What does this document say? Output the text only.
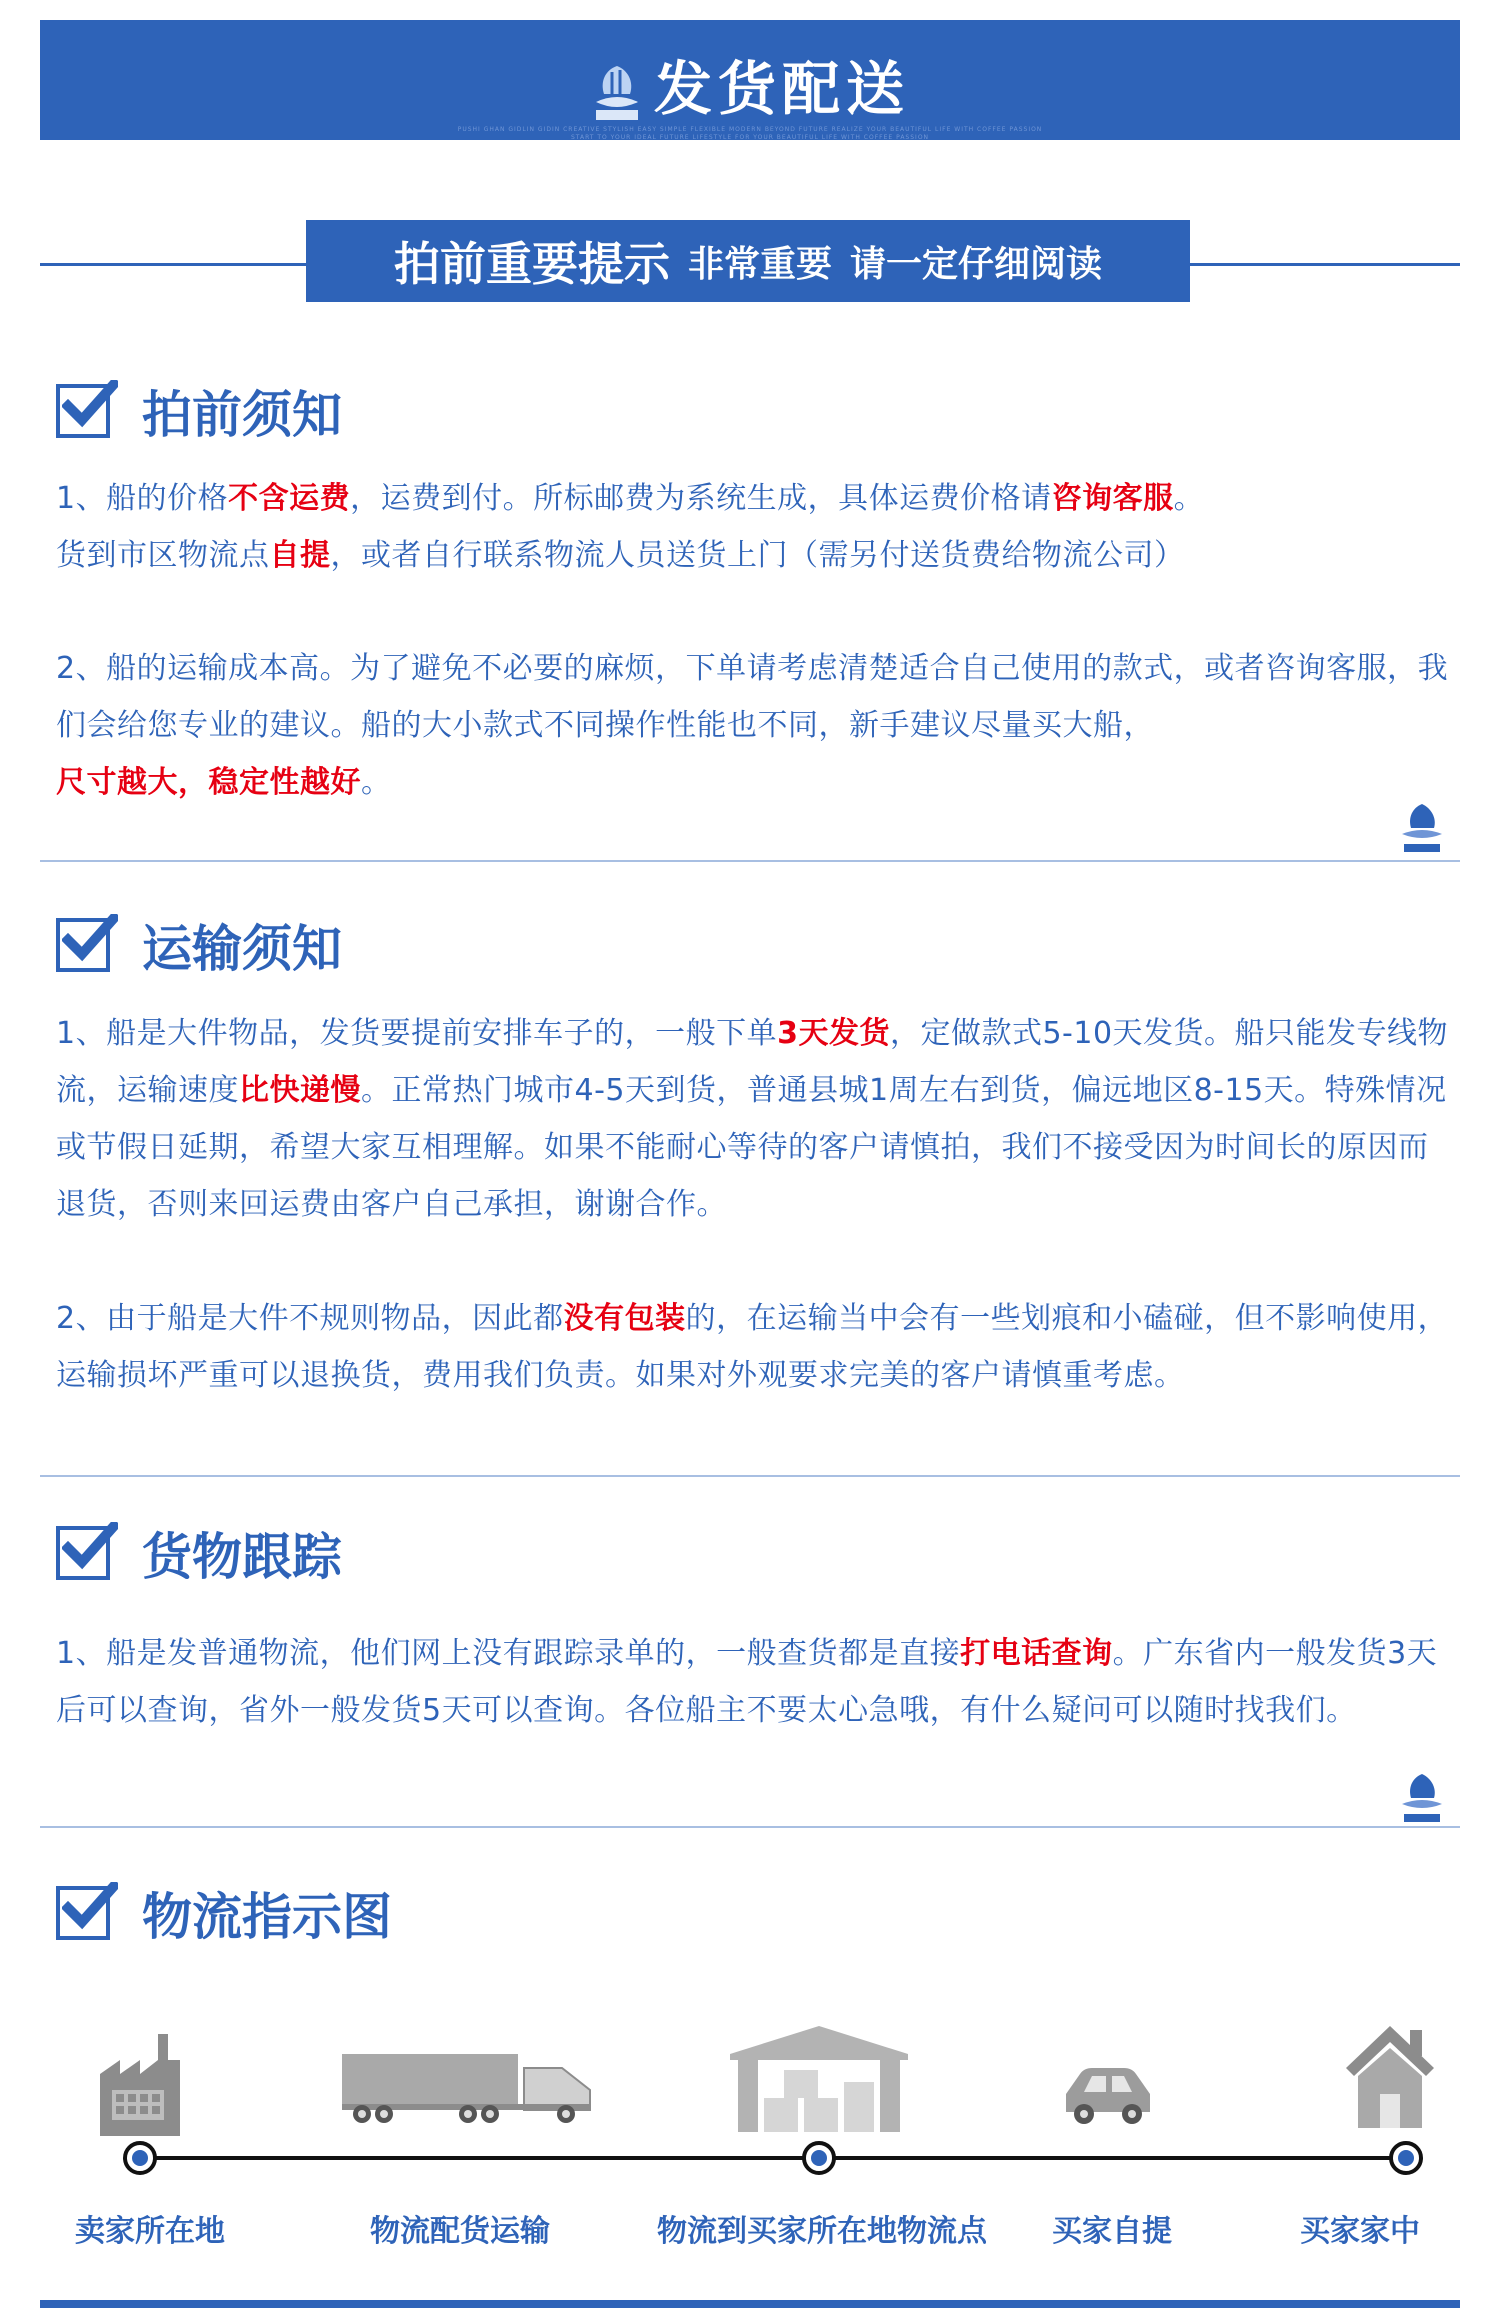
发货配送
PUSHI GHAN GIDLIN GIDIN CREATIVE STYLISH EASY SIMPLE FLEXIBLE MODERN BEYOND FUTURE REALIZE YOUR BEAUTIFUL LIFE WITH COFFEE PASSION
START TO YOUR IDEAL FUTURE LIFESTYLE FOR YOUR BEAUTIFUL LIFE WITH COFFEE PASSION
拍前重要提示 非常重要 请一定仔细阅读
拍前须知
1、船的价格不含运费，运费到付。所标邮费为系统生成，具体运费价格请咨询客服。
货到市区物流点自提，或者自行联系物流人员送货上门（需另付送货费给物流公司）
2、船的运输成本高。为了避免不必要的麻烦，下单请考虑清楚适合自己使用的款式，或者咨询客服，我们会给您专业的建议。船的大小款式不同操作性能也不同，新手建议尽量买大船，
尺寸越大，稳定性越好。
运输须知
1、船是大件物品，发货要提前安排车子的，一般下单3天发货，定做款式5-10天发货。船只能发专线物流，运输速度比快递慢。正常热门城市4-5天到货，普通县城1周左右到货，偏远地区8-15天。特殊情况或节假日延期，希望大家互相理解。如果不能耐心等待的客户请慎拍，我们不接受因为时间长的原因而退货，否则来回运费由客户自己承担，谢谢合作。
2、由于船是大件不规则物品，因此都没有包装的，在运输当中会有一些划痕和小磕碰，但不影响使用，运输损坏严重可以退换货，费用我们负责。如果对外观要求完美的客户请慎重考虑。
货物跟踪
1、船是发普通物流，他们网上没有跟踪录单的，一般查货都是直接打电话查询。广东省内一般发货3天后可以查询，省外一般发货5天可以查询。各位船主不要太心急哦，有什么疑问可以随时找我们。
物流指示图
卖家所在地	物流配货运输	物流到买家所在地物流点 买家自提	买家家中
